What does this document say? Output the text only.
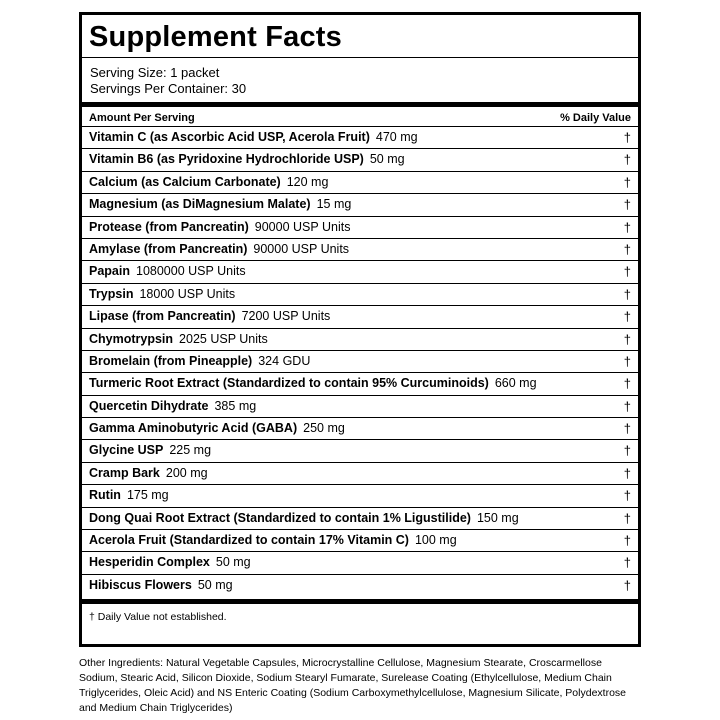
Supplement Facts
Serving Size: 1 packet
Servings Per Container: 30
Amount Per Serving	% Daily Value
Vitamin C (as Ascorbic Acid USP, Acerola Fruit) 470 mg	†
Vitamin B6 (as Pyridoxine Hydrochloride USP) 50 mg	†
Calcium (as Calcium Carbonate) 120 mg	†
Magnesium (as DiMagnesium Malate) 15 mg	†
Protease (from Pancreatin) 90000 USP Units	†
Amylase (from Pancreatin) 90000 USP Units	†
Papain 1080000 USP Units	†
Trypsin 18000 USP Units	†
Lipase (from Pancreatin) 7200 USP Units	†
Chymotrypsin 2025 USP Units	†
Bromelain (from Pineapple) 324 GDU	†
Turmeric Root Extract (Standardized to contain 95% Curcuminoids) 660 mg	†
Quercetin Dihydrate 385 mg	†
Gamma Aminobutyric Acid (GABA) 250 mg	†
Glycine USP 225 mg	†
Cramp Bark 200 mg	†
Rutin 175 mg	†
Dong Quai Root Extract (Standardized to contain 1% Ligustilide) 150 mg	†
Acerola Fruit (Standardized to contain 17% Vitamin C) 100 mg	†
Hesperidin Complex 50 mg	†
Hibiscus Flowers 50 mg	†
† Daily Value not established.
Other Ingredients: Natural Vegetable Capsules, Microcrystalline Cellulose, Magnesium Stearate, Croscarmellose Sodium, Stearic Acid, Silicon Dioxide, Sodium Stearyl Fumarate, Surelease Coating (Ethylcellulose, Medium Chain Triglycerides, Oleic Acid) and NS Enteric Coating (Sodium Carboxymethylcellulose, Magnesium Silicate, Polydextrose and Medium Chain Triglycerides)
